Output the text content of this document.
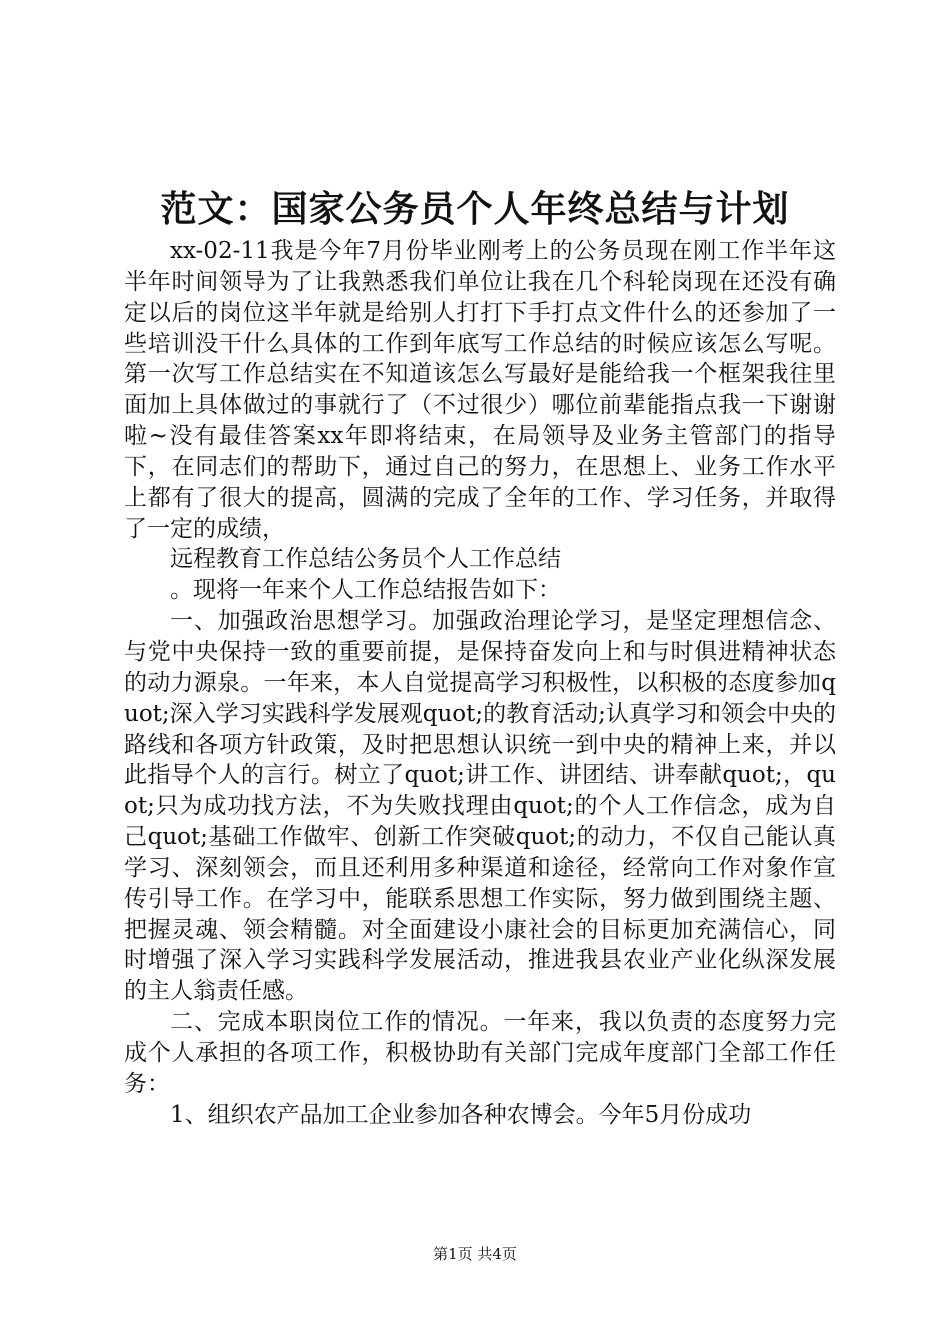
范文：国家公务员个人年终总结与计划

xx-02-11我是今年7月份毕业刚考上的公务员现在刚工作半年这半年时间领导为了让我熟悉我们单位让我在几个科轮岗现在还没有确定以后的岗位这半年就是给别人打打下手打点文件什么的还参加了一些培训没干什么具体的工作到年底写工作总结的时候应该怎么写呢。第一次写工作总结实在不知道该怎么写最好是能给我一个框架我往里面加上具体做过的事就行了（不过很少）哪位前辈能指点我一下谢谢啦~没有最佳答案xx年即将结束，在局领导及业务主管部门的指导下，在同志们的帮助下，通过自己的努力，在思想上、业务工作水平上都有了很大的提高，圆满的完成了全年的工作、学习任务，并取得了一定的成绩，

远程教育工作总结公务员个人工作总结

。现将一年来个人工作总结报告如下：

一、加强政治思想学习。加强政治理论学习，是坚定理想信念、与党中央保持一致的重要前提，是保持奋发向上和与时俱进精神状态的动力源泉。一年来，本人自觉提高学习积极性，以积极的态度参加quot;深入学习实践科学发展观quot;的教育活动;认真学习和领会中央的路线和各项方针政策，及时把思想认识统一到中央的精神上来，并以此指导个人的言行。树立了quot;讲工作、讲团结、讲奉献quot;，quot;只为成功找方法，不为失败找理由quot;的个人工作信念，成为自己quot;基础工作做牢、创新工作突破quot;的动力，不仅自己能认真学习、深刻领会，而且还利用多种渠道和途径，经常向工作对象作宣传引导工作。在学习中，能联系思想工作实际，努力做到围绕主题、把握灵魂、领会精髓。对全面建设小康社会的目标更加充满信心，同时增强了深入学习实践科学发展活动，推进我县农业产业化纵深发展的主人翁责任感。

二、完成本职岗位工作的情况。一年来，我以负责的态度努力完成个人承担的各项工作，积极协助有关部门完成年度部门全部工作任务：

1、组织农产品加工企业参加各种农博会。今年5月份成功

第1页 共4页
